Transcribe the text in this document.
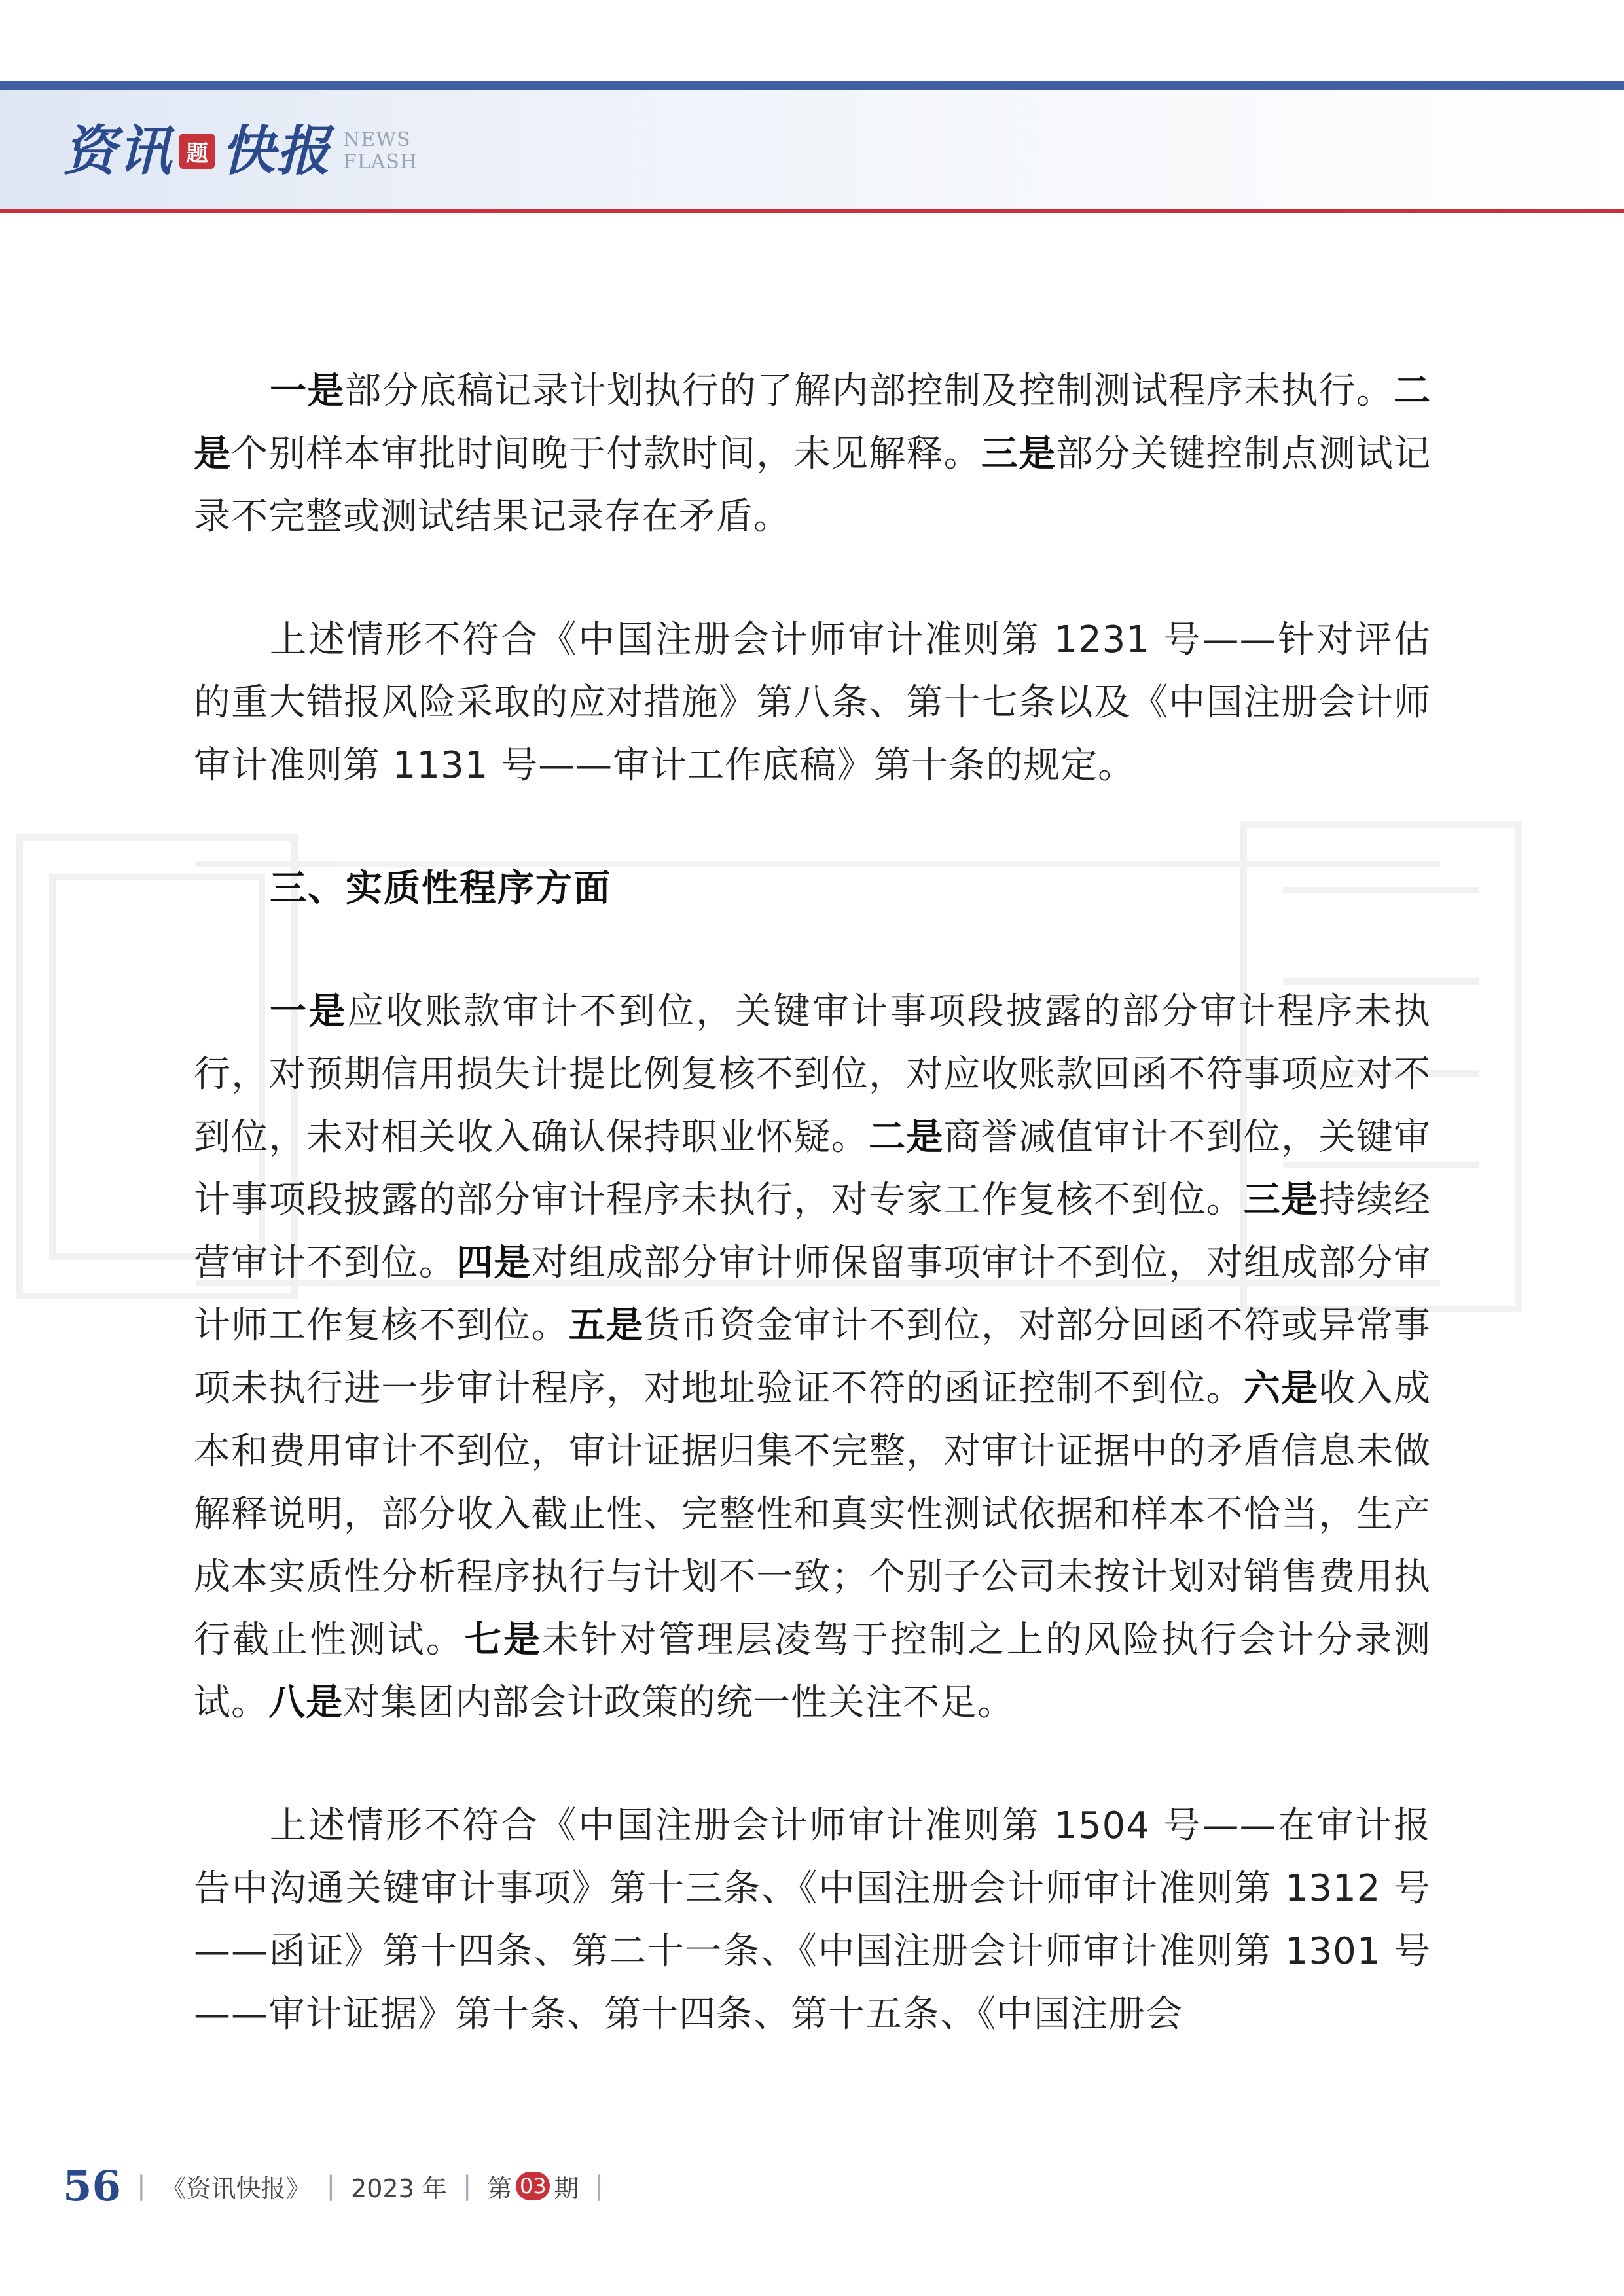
资讯 题 快报 NEWS
FLASH

一是部分底稿记录计划执行的了解内部控制及控制测试程序未执行。二是个别样本审批时间晚于付款时间，未见解释。三是部分关键控制点测试记录不完整或测试结果记录存在矛盾。

上述情形不符合《中国注册会计师审计准则第 1231 号——针对评估的重大错报风险采取的应对措施》第八条、第十七条以及《中国注册会计师审计准则第 1131 号——审计工作底稿》第十条的规定。

三、实质性程序方面

一是应收账款审计不到位，关键审计事项段披露的部分审计程序未执行，对预期信用损失计提比例复核不到位，对应收账款回函不符事项应对不到位，未对相关收入确认保持职业怀疑。二是商誉减值审计不到位，关键审计事项段披露的部分审计程序未执行，对专家工作复核不到位。三是持续经营审计不到位。四是对组成部分审计师保留事项审计不到位，对组成部分审计师工作复核不到位。五是货币资金审计不到位，对部分回函不符或异常事项未执行进一步审计程序，对地址验证不符的函证控制不到位。六是收入成本和费用审计不到位，审计证据归集不完整，对审计证据中的矛盾信息未做解释说明，部分收入截止性、完整性和真实性测试依据和样本不恰当，生产成本实质性分析程序执行与计划不一致；个别子公司未按计划对销售费用执行截止性测试。七是未针对管理层凌驾于控制之上的风险执行会计分录测试。八是对集团内部会计政策的统一性关注不足。

上述情形不符合《中国注册会计师审计准则第 1504 号——在审计报告中沟通关键审计事项》第十三条、《中国注册会计师审计准则第 1312 号——函证》第十四条、第二十一条、《中国注册会计师审计准则第 1301 号——审计证据》第十条、第十四条、第十五条、《中国注册会

56 | 《资讯快报》 | 2023 年 | 第 03 期 |
